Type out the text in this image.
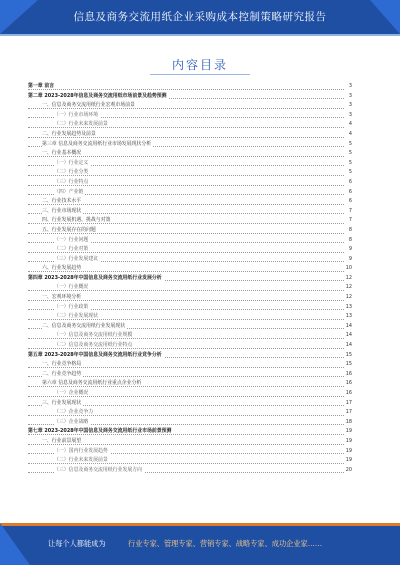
信息及商务交流用纸企业采购成本控制策略研究报告
内容目录
第一章 前言	3
第二章 2023-2028年信息及商务交流用纸市场前景及趋势预测	3
一、信息及商务交流用纸行业宏观市场前景	3
（一）行业市场环境	3
（二）行业未来发展前景	4
二、行业发展趋势及前景	4
第三章 信息及商务交流用纸行业市场发展现状分析	5
一、行业基本概况	5
（一）行业定义	5
（二）行业分类	5
（三）行业特点	6
（四）产业链	6
二、行业技术水平	6
三、行业市场现状	7
四、行业发展机遇、挑战与对策	7
五、行业发展存在的问题	8
（一）行业问题	8
（二）行业对策	9
（三）行业发展建议	9
六、行业发展趋势	10
第四章 2023-2028年中国信息及商务交流用纸行业发展分析	12
（一）行业概况	12
一、宏观环境分析	12
（一）行业政策	13
（二）行业发展现状	13
二、信息及商务交流用纸行业发展现状	14
（一）信息及商务交流用纸行业规模	14
（二）信息及商务交流用纸行业特点	14
第五章 2023-2028年中国信息及商务交流用纸行业竞争分析	15
一、行业竞争格局	15
二、行业竞争趋势	16
第六章 信息及商务交流用纸行业重点企业分析	16
（一）企业概况	16
三、行业发展现状	17
（二）企业竞争力	17
（三）企业战略	18
第七章 2023-2028年中国信息及商务交流用纸行业市场前景预测	19
一、行业前景展望	19
（一）国内行业发展趋势	19
（二）行业未来发展前景	19
（三）信息及商务交流用纸行业发展方向	20
让每个人都能成为	行业专家、管理专家、营销专家、战略专家、成功企业家……
